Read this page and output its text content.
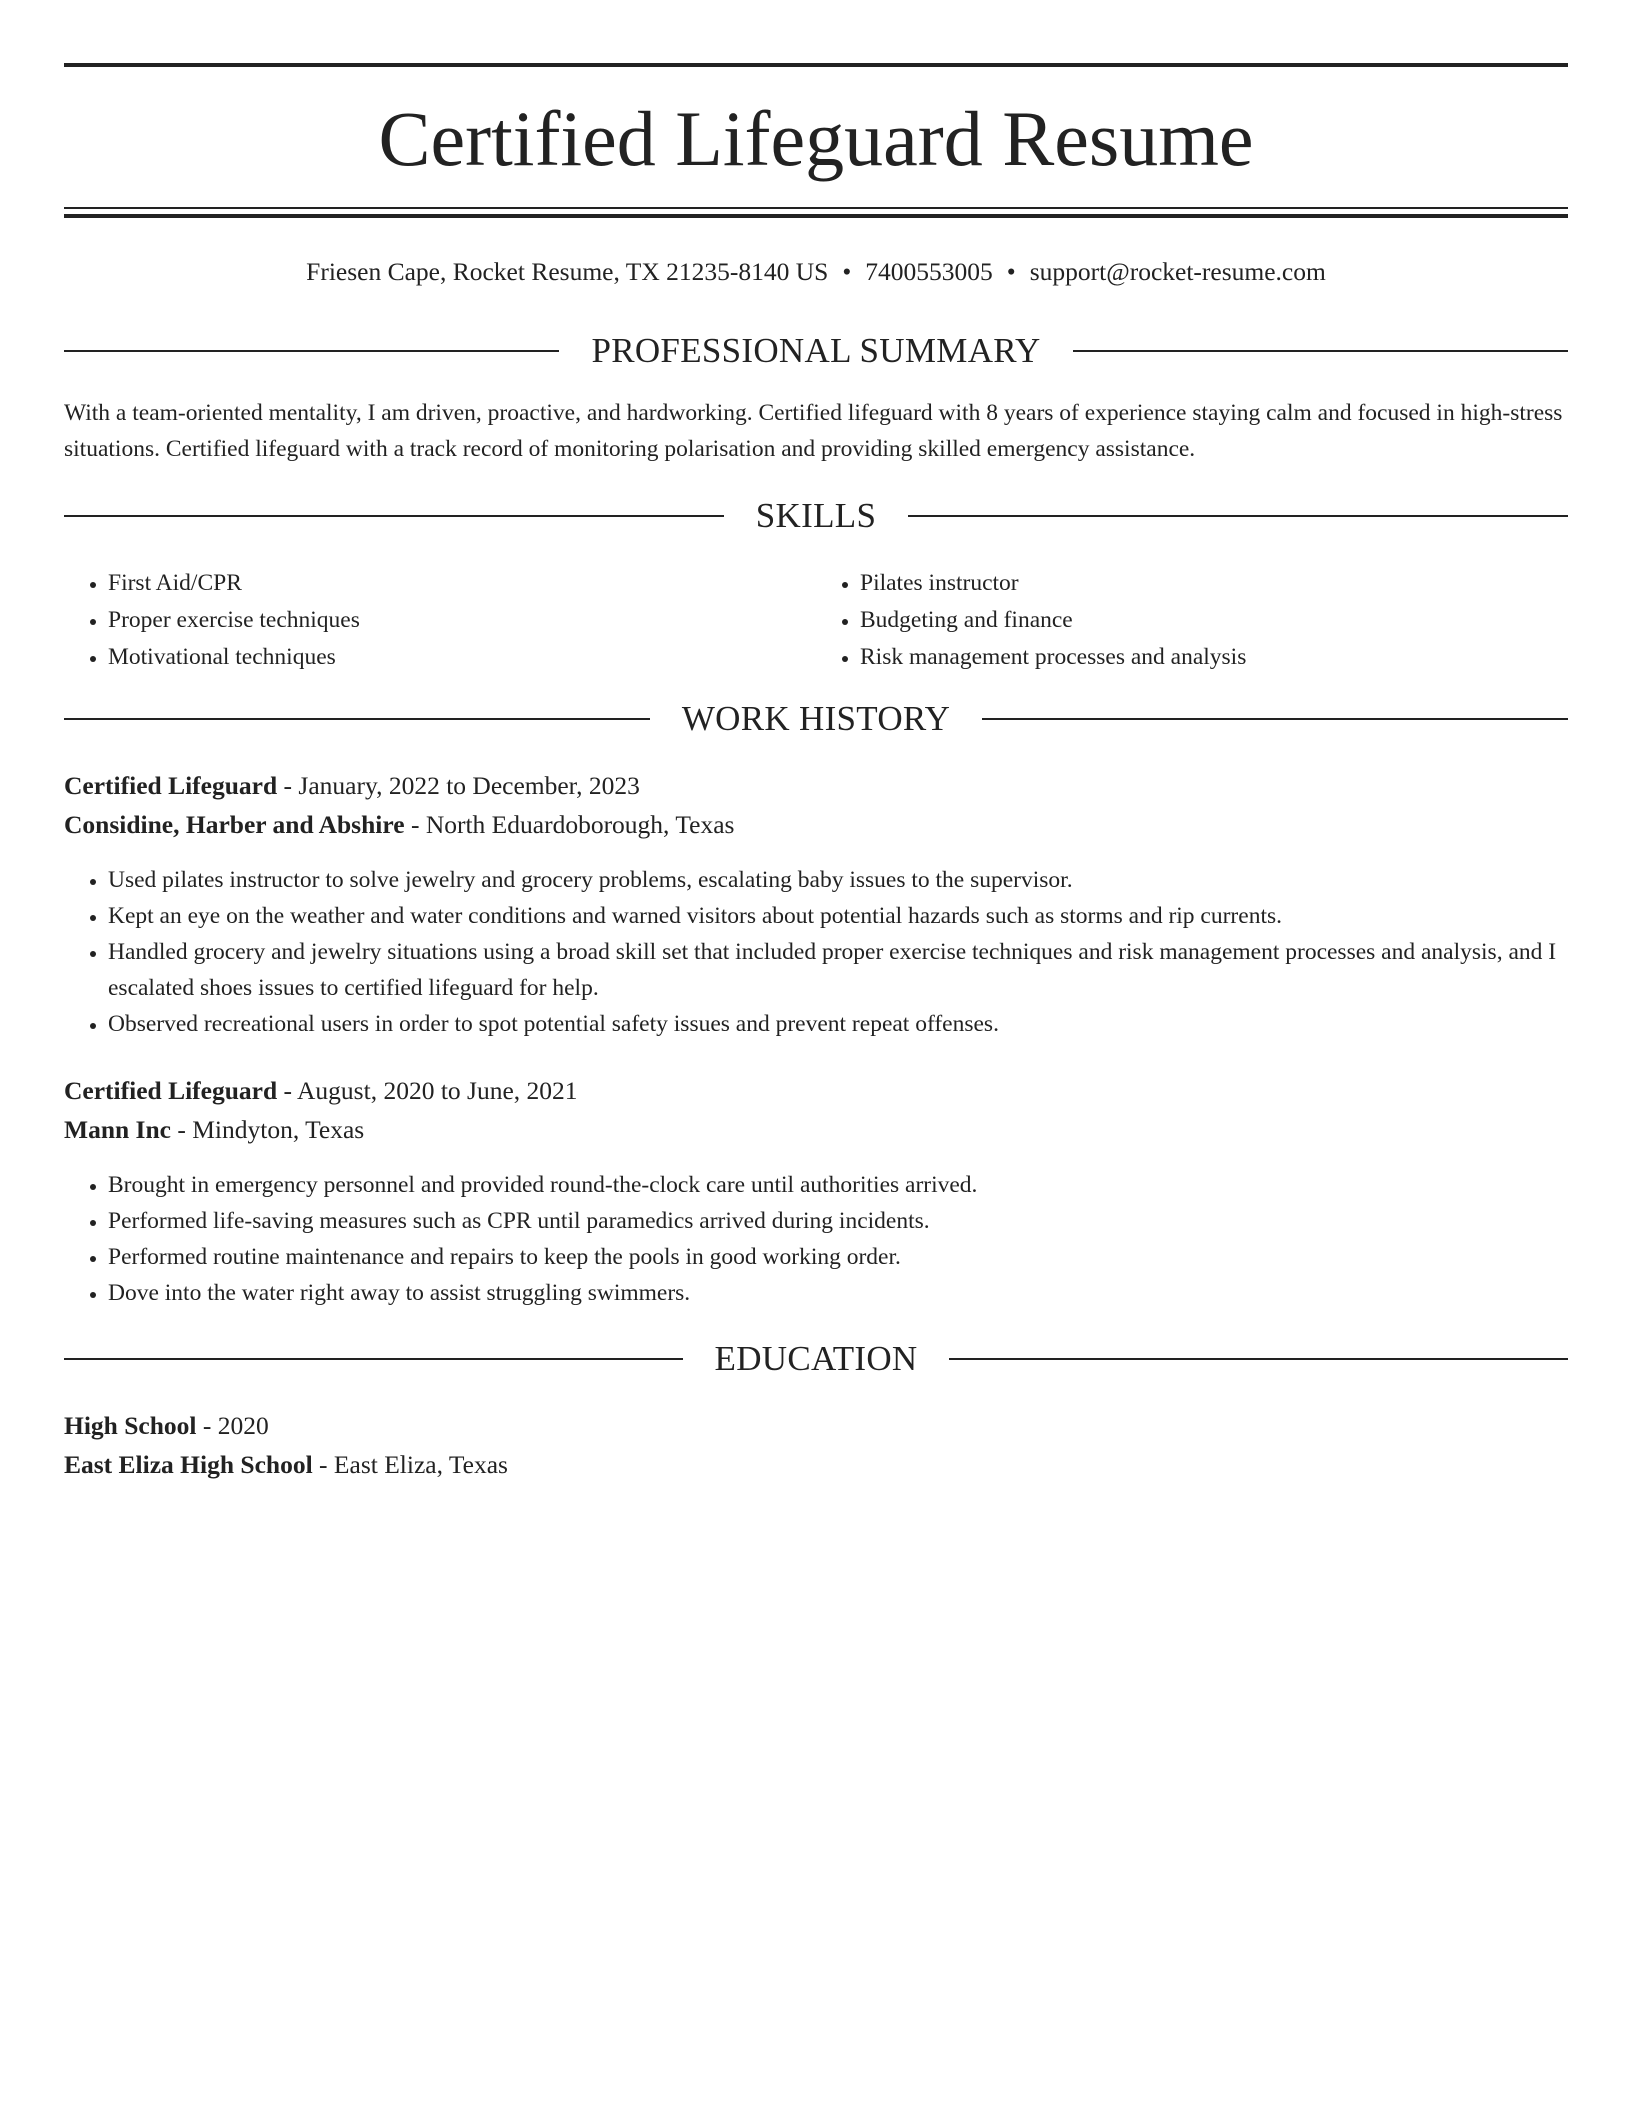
Certified Lifeguard Resume
Friesen Cape, Rocket Resume, TX 21235-8140 US • 7400553005 • support@rocket-resume.com
PROFESSIONAL SUMMARY

With a team-oriented mentality, I am driven, proactive, and hardworking. Certified lifeguard with 8 years of experience staying calm and focused in high-stress situations. Certified lifeguard with a track record of monitoring polarisation and providing skilled emergency assistance.

SKILLS
• First Aid/CPR
• Proper exercise techniques
• Motivational techniques
• Pilates instructor
• Budgeting and finance
• Risk management processes and analysis
WORK HISTORY
Certified Lifeguard - January, 2022 to December, 2023
Considine, Harber and Abshire - North Eduardoborough, Texas
• Used pilates instructor to solve jewelry and grocery problems, escalating baby issues to the supervisor.
• Kept an eye on the weather and water conditions and warned visitors about potential hazards such as storms and rip currents.
• Handled grocery and jewelry situations using a broad skill set that included proper exercise techniques and risk management processes and analysis, and I escalated shoes issues to certified lifeguard for help.
• Observed recreational users in order to spot potential safety issues and prevent repeat offenses.
Certified Lifeguard - August, 2020 to June, 2021
Mann Inc - Mindyton, Texas
• Brought in emergency personnel and provided round-the-clock care until authorities arrived.
• Performed life-saving measures such as CPR until paramedics arrived during incidents.
• Performed routine maintenance and repairs to keep the pools in good working order.
• Dove into the water right away to assist struggling swimmers.
EDUCATION
High School - 2020
East Eliza High School - East Eliza, Texas
